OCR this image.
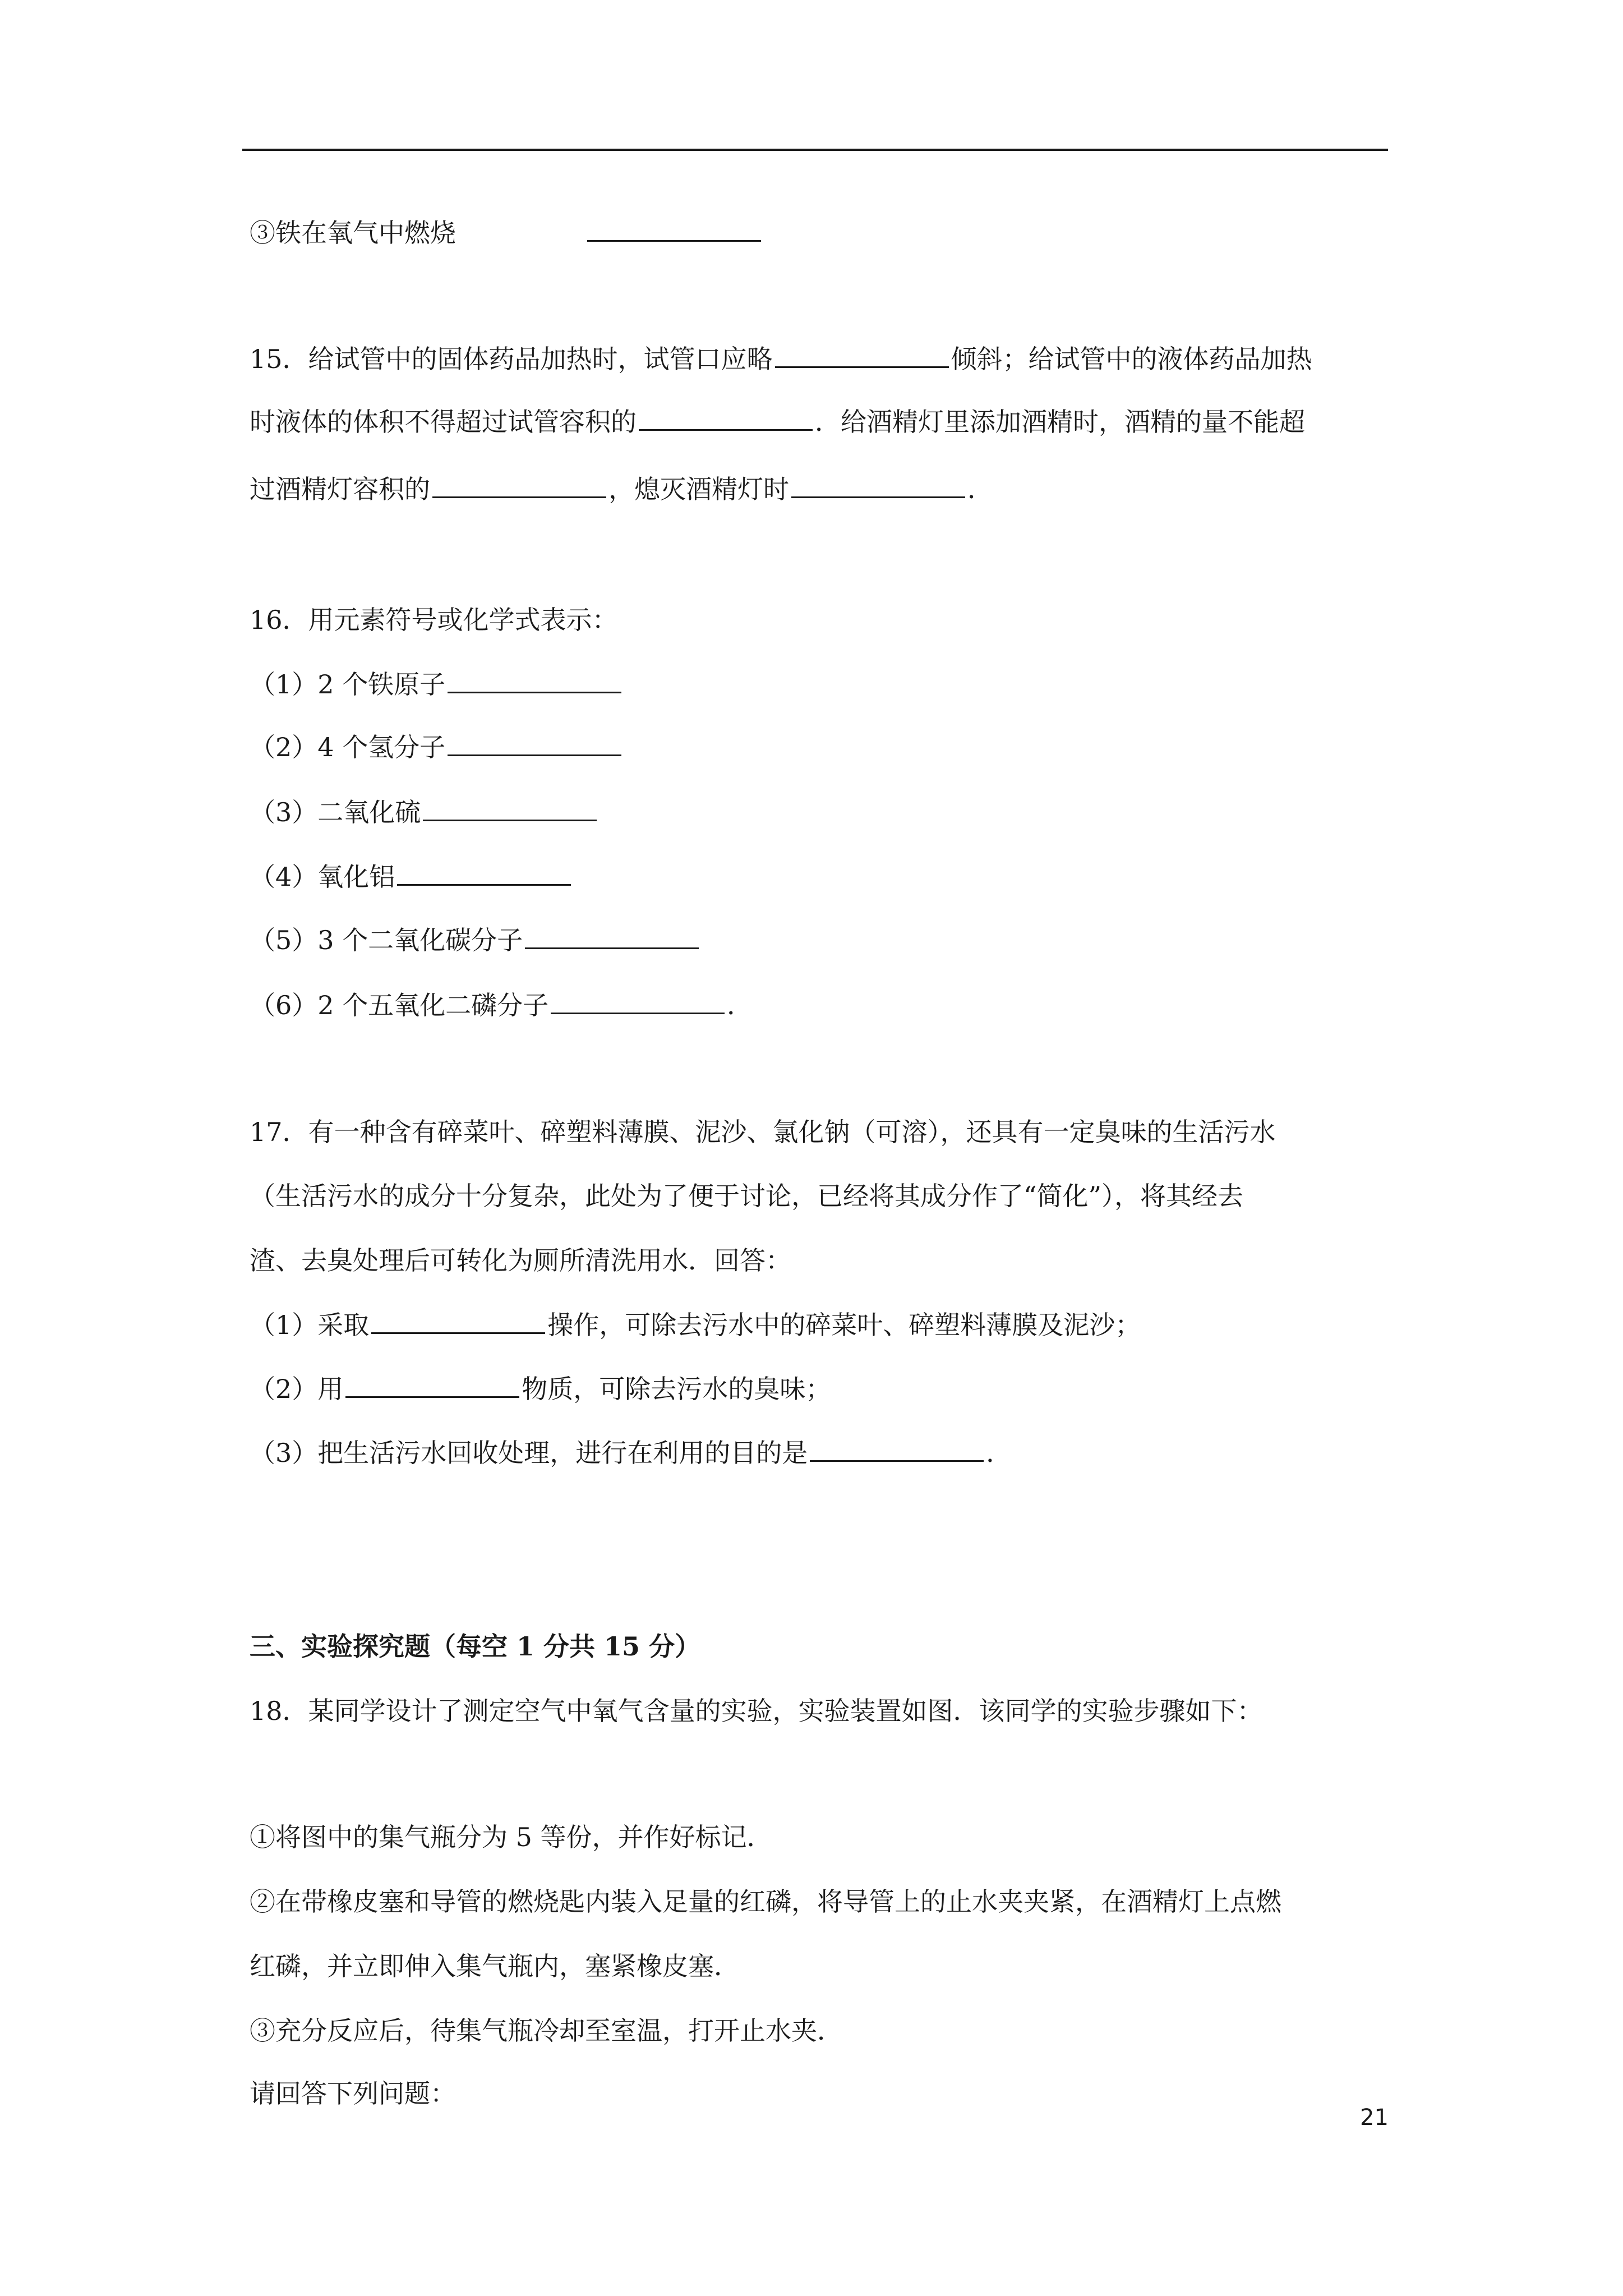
③铁在氧气中燃烧
15．给试管中的固体药品加热时，试管口应略	倾斜；给试管中的液体药品加热
时液体的体积不得超过试管容积的	．给酒精灯里添加酒精时，酒精的量不能超
过酒精灯容积的	，熄灭酒精灯时	．
16．用元素符号或化学式表示：
（1）2 个铁原子
（2）4 个氢分子
（3）二氧化硫
（4）氧化铝
（5）3 个二氧化碳分子
（6）2 个五氧化二磷分子	．
17．有一种含有碎菜叶、碎塑料薄膜、泥沙、氯化钠（可溶），还具有一定臭味的生活污水
（生活污水的成分十分复杂，此处为了便于讨论，已经将其成分作了“简化”），将其经去
渣、去臭处理后可转化为厕所清洗用水．回答：
（1）采取	操作，可除去污水中的碎菜叶、碎塑料薄膜及泥沙；
（2）用	物质，可除去污水的臭味；
（3）把生活污水回收处理，进行在利用的目的是	．
三、实验探究题（每空 1 分共 15 分）
18．某同学设计了测定空气中氧气含量的实验，实验装置如图．该同学的实验步骤如下：
①将图中的集气瓶分为 5 等份，并作好标记．
②在带橡皮塞和导管的燃烧匙内装入足量的红磷，将导管上的止水夹夹紧，在酒精灯上点燃
红磷，并立即伸入集气瓶内，塞紧橡皮塞．
③充分反应后，待集气瓶冷却至室温，打开止水夹．
请回答下列问题：
21
